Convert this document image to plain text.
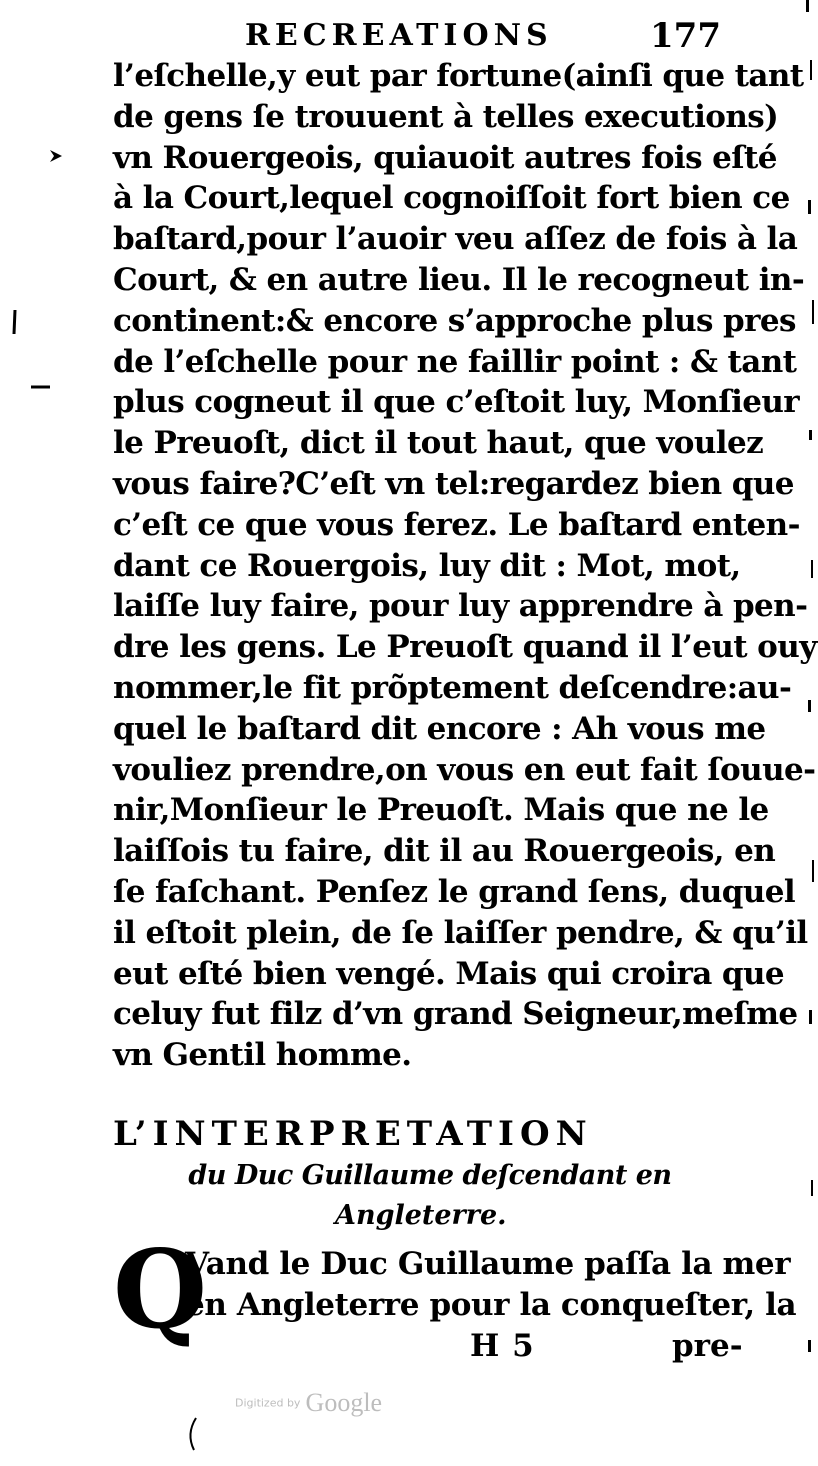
RECREATIONS	177
l’eſchelle,y eut par fortune(ainſi que tant
de gens ſe trouuent à telles executions)
vn Rouergeois, quiauoit autres fois eſté
à la Court,lequel cognoiſſoit fort bien ce
baſtard,pour l’auoir veu aſſez de fois à la
Court, & en autre lieu. Il le recogneut in-
continent:& encore s’approche plus pres
de l’eſchelle pour ne faillir point : & tant
plus cogneut il que c’eſtoit luy, Monſieur
le Preuoſt, dict il tout haut, que voulez
vous faire?C’eſt vn tel:regardez bien que
c’eſt ce que vous ferez. Le baſtard enten-
dant ce Rouergois, luy dit : Mot, mot,
laiſſe luy faire, pour luy apprendre à pen-
dre les gens. Le Preuoſt quand il l’eut ouy
nommer,le fit prõptement deſcendre:au-
quel le baſtard dit encore : Ah vous me
vouliez prendre,on vous en eut fait ſouue-
nir,Monſieur le Preuoſt. Mais que ne le
laiſſois tu faire, dit il au Rouergeois, en
ſe faſchant. Penſez le grand ſens, duquel
il eſtoit plein, de ſe laiſſer pendre, & qu’il
eut eſté bien vengé. Mais qui croira que
celuy fut filz d’vn grand Seigneur,meſme
vn Gentil homme.
L’INTERPRETATION
du Duc Guillaume deſcendant en
Angleterre.
Q
Vand le Duc Guillaume paſſa la mer
en Angleterre pour la conqueſter, la
H 5	pre-
Digitized by Google
